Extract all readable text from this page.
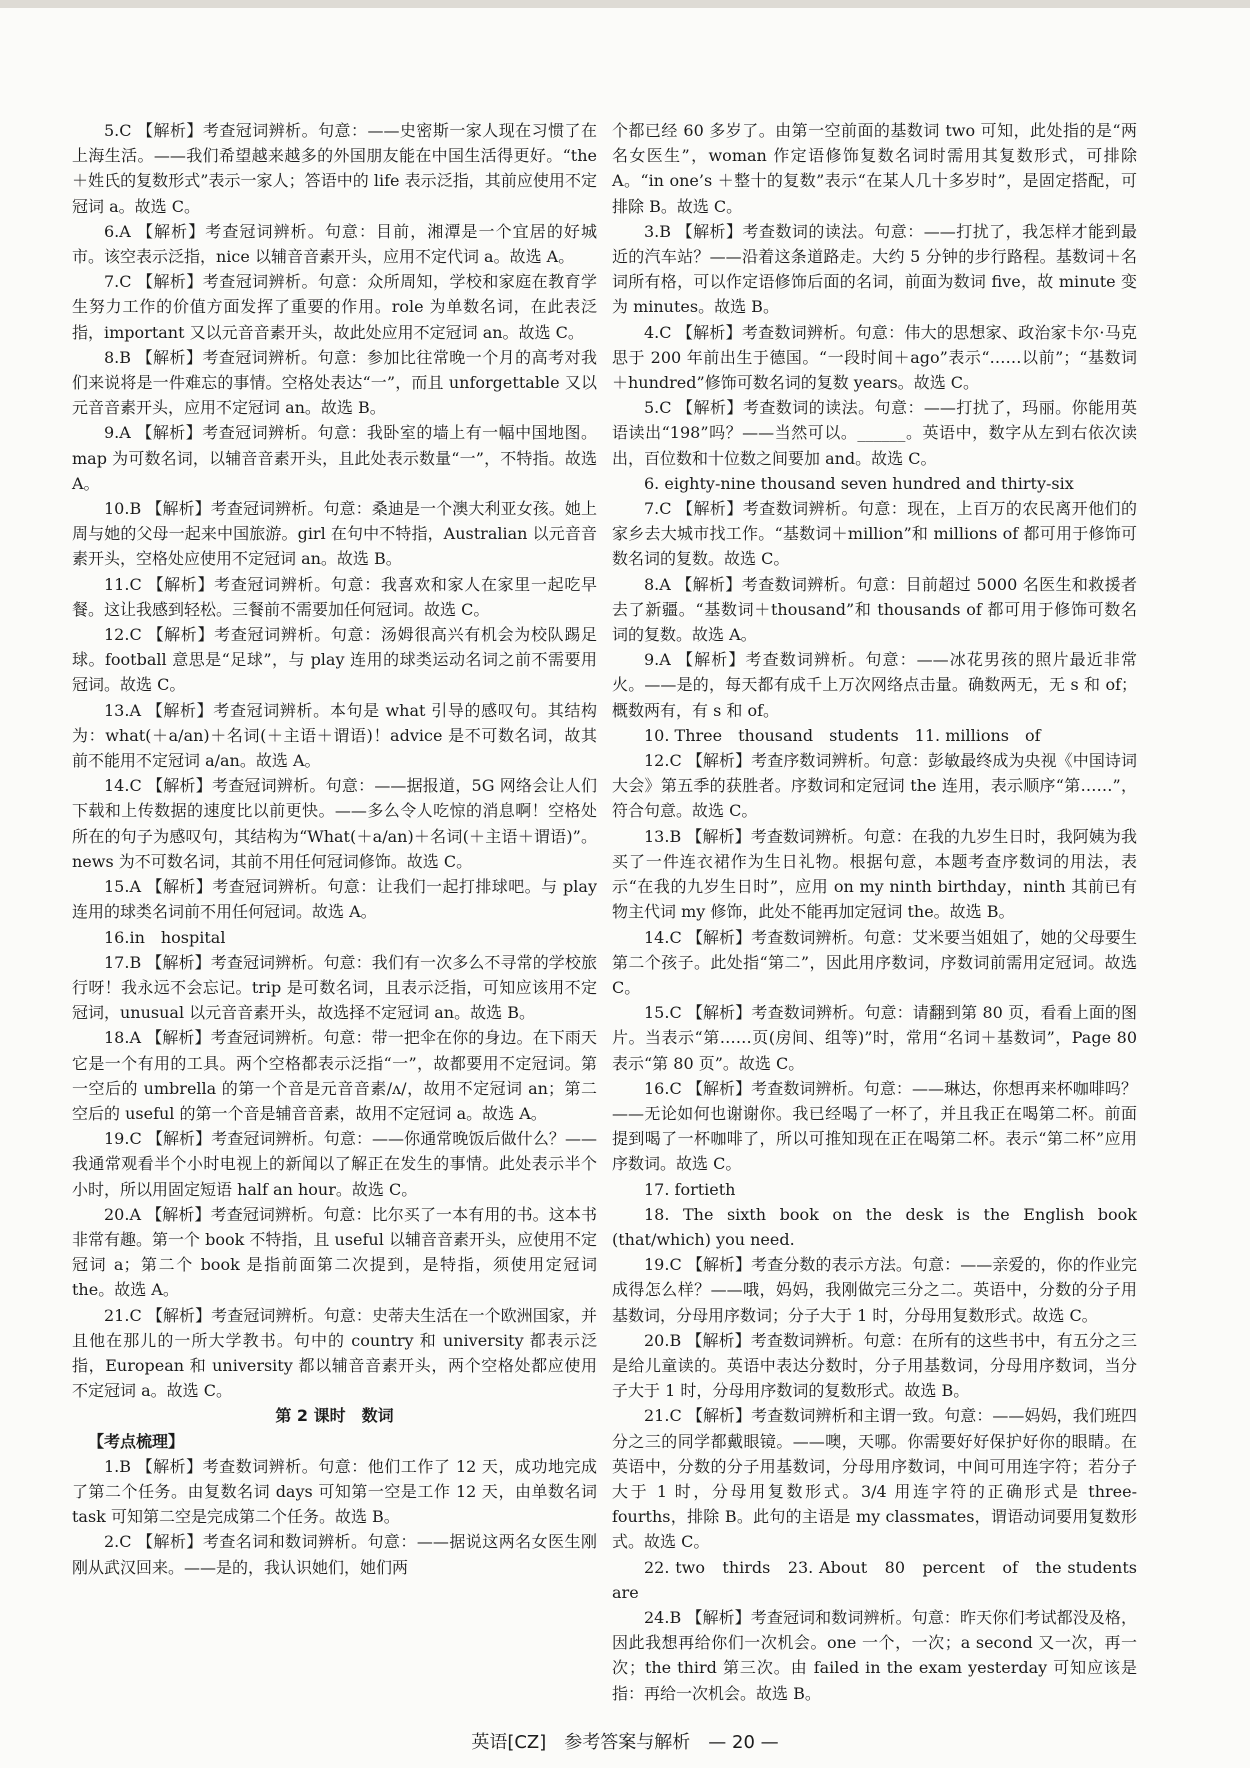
5.C 【解析】考查冠词辨析。句意：——史密斯一家人现在习惯了在上海生活。——我们希望越来越多的外国朋友能在中国生活得更好。“the＋姓氏的复数形式”表示一家人；答语中的 life 表示泛指，其前应使用不定冠词 a。故选 C。

6.A 【解析】考查冠词辨析。句意：目前，湘潭是一个宜居的好城市。该空表示泛指，nice 以辅音音素开头，应用不定代词 a。故选 A。

7.C 【解析】考查冠词辨析。句意：众所周知，学校和家庭在教育学生努力工作的价值方面发挥了重要的作用。role 为单数名词，在此表泛指，important 又以元音音素开头，故此处应用不定冠词 an。故选 C。

8.B 【解析】考查冠词辨析。句意：参加比往常晚一个月的高考对我们来说将是一件难忘的事情。空格处表达“一”，而且 unforgettable 又以元音音素开头，应用不定冠词 an。故选 B。

9.A 【解析】考查冠词辨析。句意：我卧室的墙上有一幅中国地图。map 为可数名词，以辅音音素开头，且此处表示数量“一”，不特指。故选 A。

10.B 【解析】考查冠词辨析。句意：桑迪是一个澳大利亚女孩。她上周与她的父母一起来中国旅游。girl 在句中不特指，Australian 以元音音素开头，空格处应使用不定冠词 an。故选 B。

11.C 【解析】考查冠词辨析。句意：我喜欢和家人在家里一起吃早餐。这让我感到轻松。三餐前不需要加任何冠词。故选 C。

12.C 【解析】考查冠词辨析。句意：汤姆很高兴有机会为校队踢足球。football 意思是“足球”，与 play 连用的球类运动名词之前不需要用冠词。故选 C。

13.A 【解析】考查冠词辨析。本句是 what 引导的感叹句。其结构为：what(＋a/an)＋名词(＋主语＋谓语)！advice 是不可数名词，故其前不能用不定冠词 a/an。故选 A。

14.C 【解析】考查冠词辨析。句意：——据报道，5G 网络会让人们下载和上传数据的速度比以前更快。——多么令人吃惊的消息啊！空格处所在的句子为感叹句，其结构为“What(＋a/an)＋名词(＋主语＋谓语)”。news 为不可数名词，其前不用任何冠词修饰。故选 C。

15.A 【解析】考查冠词辨析。句意：让我们一起打排球吧。与 play 连用的球类名词前不用任何冠词。故选 A。

16.in　hospital

17.B 【解析】考查冠词辨析。句意：我们有一次多么不寻常的学校旅行呀！我永远不会忘记。trip 是可数名词，且表示泛指，可知应该用不定冠词，unusual 以元音音素开头，故选择不定冠词 an。故选 B。

18.A 【解析】考查冠词辨析。句意：带一把伞在你的身边。在下雨天它是一个有用的工具。两个空格都表示泛指“一”，故都要用不定冠词。第一空后的 umbrella 的第一个音是元音音素/ʌ/，故用不定冠词 an；第二空后的 useful 的第一个音是辅音音素，故用不定冠词 a。故选 A。

19.C 【解析】考查冠词辨析。句意：——你通常晚饭后做什么？——我通常观看半个小时电视上的新闻以了解正在发生的事情。此处表示半个小时，所以用固定短语 half an hour。故选 C。

20.A 【解析】考查冠词辨析。句意：比尔买了一本有用的书。这本书非常有趣。第一个 book 不特指，且 useful 以辅音音素开头，应使用不定冠词 a；第二个 book 是指前面第二次提到，是特指，须使用定冠词 the。故选 A。

21.C 【解析】考查冠词辨析。句意：史蒂夫生活在一个欧洲国家，并且他在那儿的一所大学教书。句中的 country 和 university 都表示泛指，European 和 university 都以辅音音素开头，两个空格处都应使用不定冠词 a。故选 C。

第 2 课时　数词

【考点梳理】

1.B 【解析】考查数词辨析。句意：他们工作了 12 天，成功地完成了第二个任务。由复数名词 days 可知第一空是工作 12 天，由单数名词 task 可知第二空是完成第二个任务。故选 B。

2.C 【解析】考查名词和数词辨析。句意：——据说这两名女医生刚刚从武汉回来。——是的，我认识她们，她们两

个都已经 60 多岁了。由第一空前面的基数词 two 可知，此处指的是“两名女医生”，woman 作定语修饰复数名词时需用其复数形式，可排除 A。“in one’s ＋整十的复数”表示“在某人几十多岁时”，是固定搭配，可排除 B。故选 C。

3.B 【解析】考查数词的读法。句意：——打扰了，我怎样才能到最近的汽车站？——沿着这条道路走。大约 5 分钟的步行路程。基数词＋名词所有格，可以作定语修饰后面的名词，前面为数词 five，故 minute 变为 minutes。故选 B。

4.C 【解析】考查数词辨析。句意：伟大的思想家、政治家卡尔·马克思于 200 年前出生于德国。“一段时间＋ago”表示“……以前”；“基数词＋hundred”修饰可数名词的复数 years。故选 C。

5.C 【解析】考查数词的读法。句意：——打扰了，玛丽。你能用英语读出“198”吗？——当然可以。______。英语中，数字从左到右依次读出，百位数和十位数之间要加 and。故选 C。

6. eighty-nine thousand seven hundred and thirty-six

7.C 【解析】考查数词辨析。句意：现在，上百万的农民离开他们的家乡去大城市找工作。“基数词＋million”和 millions of 都可用于修饰可数名词的复数。故选 C。

8.A 【解析】考查数词辨析。句意：目前超过 5000 名医生和救援者去了新疆。“基数词＋thousand”和 thousands of 都可用于修饰可数名词的复数。故选 A。

9.A 【解析】考查数词辨析。句意：——冰花男孩的照片最近非常火。——是的，每天都有成千上万次网络点击量。确数两无，无 s 和 of；概数两有，有 s 和 of。

10. Three　thousand　students　11. millions　of

12.C 【解析】考查序数词辨析。句意：彭敏最终成为央视《中国诗词大会》第五季的获胜者。序数词和定冠词 the 连用，表示顺序“第……”，符合句意。故选 C。

13.B 【解析】考查数词辨析。句意：在我的九岁生日时，我阿姨为我买了一件连衣裙作为生日礼物。根据句意，本题考查序数词的用法，表示“在我的九岁生日时”，应用 on my ninth birthday，ninth 其前已有物主代词 my 修饰，此处不能再加定冠词 the。故选 B。

14.C 【解析】考查数词辨析。句意：艾米要当姐姐了，她的父母要生第二个孩子。此处指“第二”，因此用序数词，序数词前需用定冠词。故选 C。

15.C 【解析】考查数词辨析。句意：请翻到第 80 页，看看上面的图片。当表示“第……页(房间、组等)”时，常用“名词＋基数词”，Page 80 表示“第 80 页”。故选 C。

16.C 【解析】考查数词辨析。句意：——琳达，你想再来杯咖啡吗？——无论如何也谢谢你。我已经喝了一杯了，并且我正在喝第二杯。前面提到喝了一杯咖啡了，所以可推知现在正在喝第二杯。表示“第二杯”应用序数词。故选 C。

17. fortieth

18. The sixth book on the desk is the English book (that/which) you need.

19.C 【解析】考查分数的表示方法。句意：——亲爱的，你的作业完成得怎么样？——哦，妈妈，我刚做完三分之二。英语中，分数的分子用基数词，分母用序数词；分子大于 1 时，分母用复数形式。故选 C。

20.B 【解析】考查数词辨析。句意：在所有的这些书中，有五分之三是给儿童读的。英语中表达分数时，分子用基数词，分母用序数词，当分子大于 1 时，分母用序数词的复数形式。故选 B。

21.C 【解析】考查数词辨析和主谓一致。句意：——妈妈，我们班四分之三的同学都戴眼镜。——噢，天哪。你需要好好保护好你的眼睛。在英语中，分数的分子用基数词，分母用序数词，中间可用连字符；若分子大于 1 时，分母用复数形式。3/4 用连字符的正确形式是 three-fourths，排除 B。此句的主语是 my classmates，谓语动词要用复数形式。故选 C。

22. two　thirds　23. About　80　percent　of　the students　are

24.B 【解析】考查冠词和数词辨析。句意：昨天你们考试都没及格，因此我想再给你们一次机会。one 一个，一次；a second 又一次，再一次；the third 第三次。由 failed in the exam yesterday 可知应该是指：再给一次机会。故选 B。

英语[CZ]　参考答案与解析　— 20 —
